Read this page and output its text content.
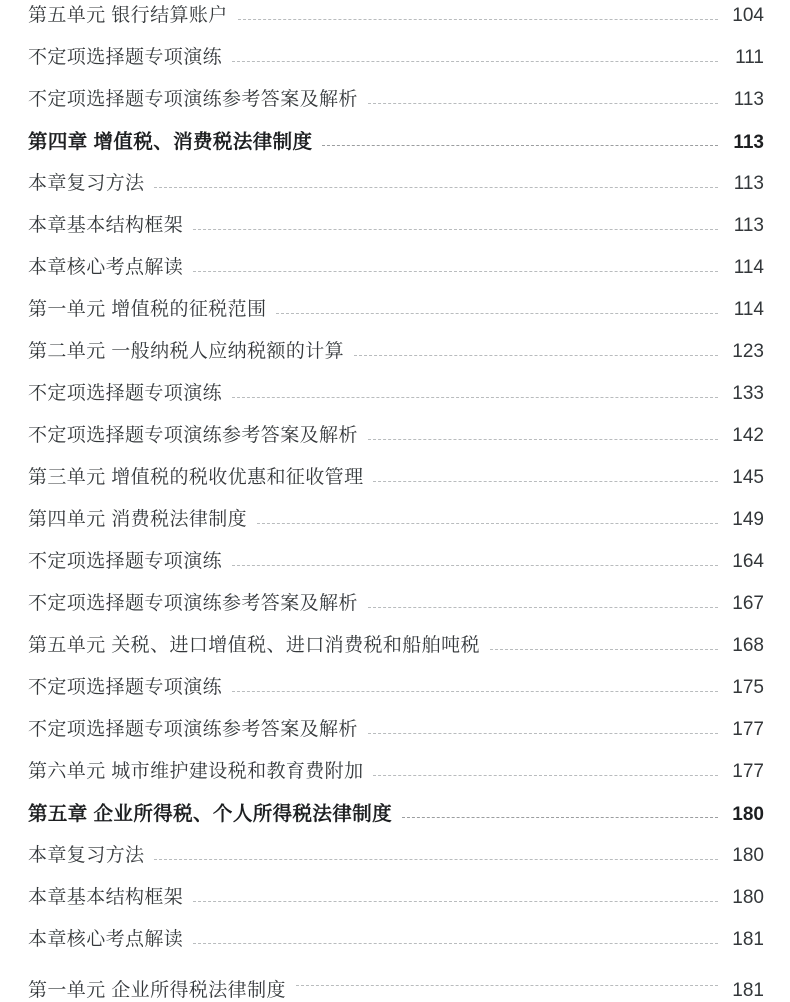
第五单元 银行结算账户	104
不定项选择题专项演练	111
不定项选择题专项演练参考答案及解析	113
第四章 增值税、消费税法律制度	113
本章复习方法	113
本章基本结构框架	113
本章核心考点解读	114
第一单元 增值税的征税范围	114
第二单元 一般纳税人应纳税额的计算	123
不定项选择题专项演练	133
不定项选择题专项演练参考答案及解析	142
第三单元 增值税的税收优惠和征收管理	145
第四单元 消费税法律制度	149
不定项选择题专项演练	164
不定项选择题专项演练参考答案及解析	167
第五单元 关税、进口增值税、进口消费税和船舶吨税	168
不定项选择题专项演练	175
不定项选择题专项演练参考答案及解析	177
第六单元 城市维护建设税和教育费附加	177
第五章 企业所得税、个人所得税法律制度	180
本章复习方法	180
本章基本结构框架	180
本章核心考点解读	181
第一单元 企业所得税法律制度	181
